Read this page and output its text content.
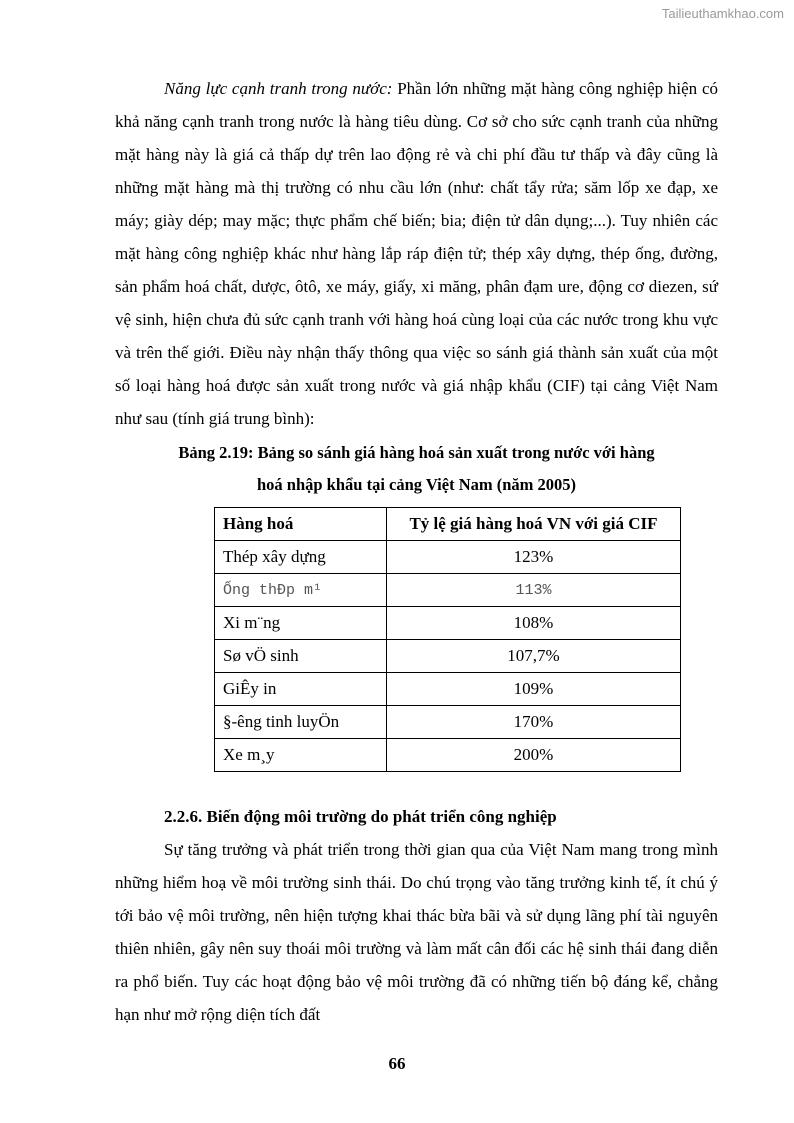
Tailieuthamkhao.com

Năng lực cạnh tranh trong nước: Phần lớn những mặt hàng công nghiệp hiện có khả năng cạnh tranh trong nước là hàng tiêu dùng. Cơ sở cho sức cạnh tranh của những mặt hàng này là giá cả thấp dự trên lao động rẻ và chi phí đầu tư thấp và đây cũng là những mặt hàng mà thị trường có nhu cầu lớn (như: chất tẩy rửa; săm lốp xe đạp, xe máy; giày dép; may mặc; thực phẩm chế biến; bia; điện tử dân dụng;...). Tuy nhiên các mặt hàng công nghiệp khác như hàng lắp ráp điện tử; thép xây dựng, thép ống, đường, sản phẩm hoá chất, dược, ôtô, xe máy, giấy, xi măng, phân đạm ure, động cơ diezen, sứ vệ sinh, hiện chưa đủ sức cạnh tranh với hàng hoá cùng loại của các nước trong khu vực và trên thế giới. Điều này nhận thấy thông qua việc so sánh giá thành sản xuất của một số loại hàng hoá được sản xuất trong nước và giá nhập khẩu (CIF) tại cảng Việt Nam như sau (tính giá trung bình):

Bảng 2.19: Bảng so sánh giá hàng hoá sản xuất trong nước với hàng
hoá nhập khẩu tại cảng Việt Nam (năm 2005)
Hàng hoá	Tỷ lệ giá hàng hoá VN với giá CIF
Thép xây dựng	123%
Ống thĐp m¹	113%
Xi m¨ng	108%
Sø vÖ sinh	107,7%
GiÊy in	109%
§-êng tinh luyÖn	170%
Xe m¸y	200%
2.2.6. Biến động môi trường do phát triển công nghiệp

Sự tăng trưởng và phát triển trong thời gian qua của Việt Nam mang trong mình những hiểm hoạ về môi trường sinh thái. Do chú trọng vào tăng trưởng kinh tế, ít chú ý tới bảo vệ môi trường, nên hiện tượng khai thác bừa bãi và sử dụng lãng phí tài nguyên thiên nhiên, gây nên suy thoái môi trường và làm mất cân đối các hệ sinh thái đang diễn ra phổ biến. Tuy các hoạt động bảo vệ môi trường đã có những tiến bộ đáng kể, chẳng hạn như mở rộng diện tích đất

66
